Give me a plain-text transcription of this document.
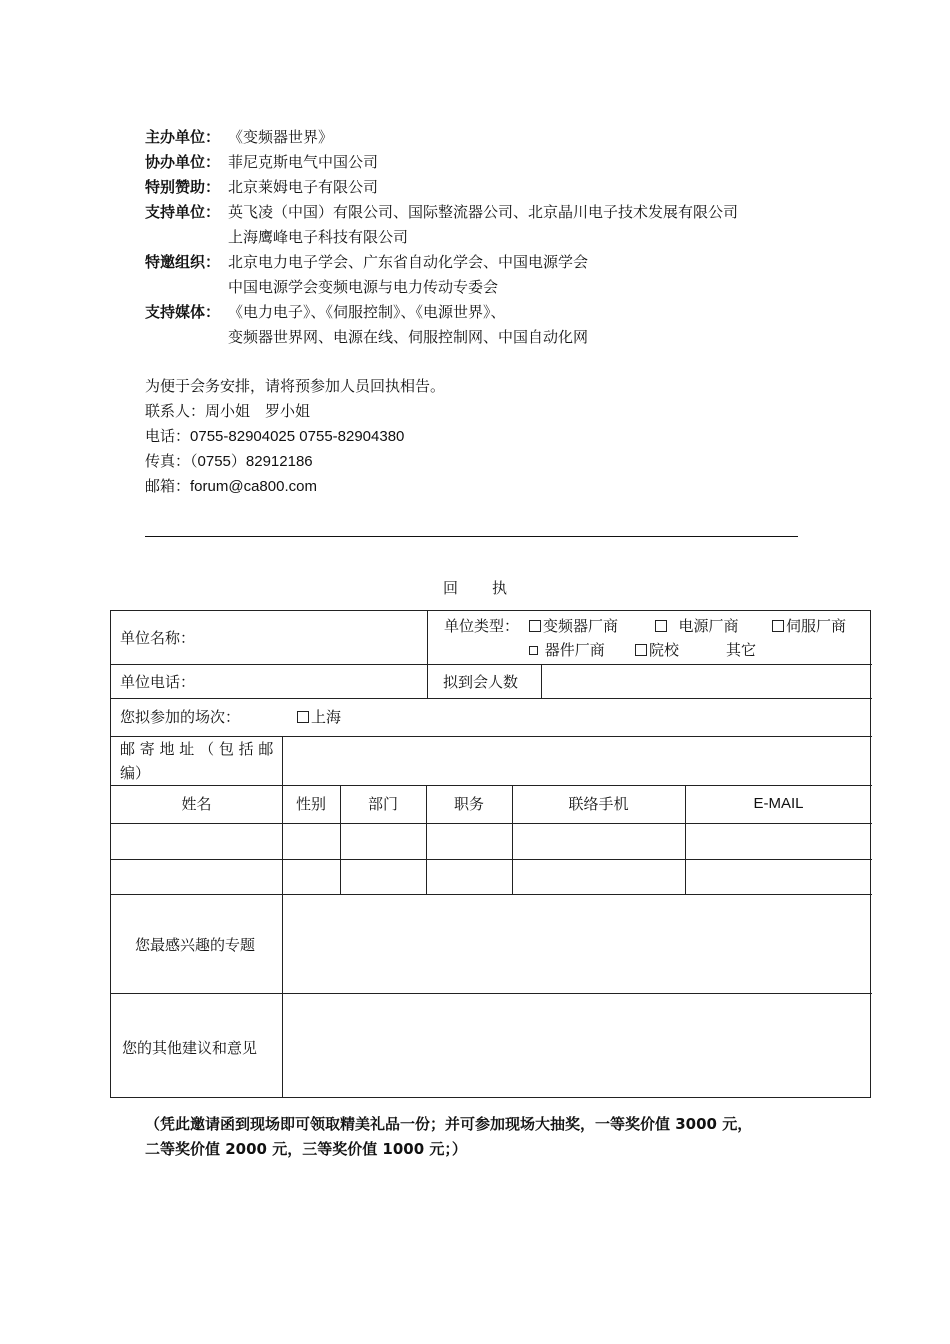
主办单位： 《变频器世界》
协办单位： 菲尼克斯电气中国公司
特别赞助： 北京莱姆电子有限公司
支持单位： 英飞凌（中国）有限公司、国际整流器公司、北京晶川电子技术发展有限公司
上海鹰峰电子科技有限公司
特邀组织： 北京电力电子学会、广东省自动化学会、中国电源学会
中国电源学会变频电源与电力传动专委会
支持媒体： 《电力电子》、《伺服控制》、《电源世界》、
变频器世界网、电源在线、伺服控制网、中国自动化网
为便于会务安排，请将预参加人员回执相告。
联系人：周小姐　罗小姐
电话：0755-82904025 0755-82904380
传真：（0755）82912186
邮箱：forum@ca800.com
回 执
单位名称：
单位类型：	变频器厂商	电源厂商	伺服厂商
器件厂商	院校	其它
单位电话：	拟到会人数
您拟参加的场次：	上海
邮 寄 地 址 （ 包 括 邮
编）
姓名	性别	部门	职务	联络手机	E-MAIL
您最感兴趣的专题
您的其他建议和意见
（凭此邀请函到现场即可领取精美礼品一份；并可参加现场大抽奖，一等奖价值 3000 元，
二等奖价值 2000 元，三等奖价值 1000 元；）
